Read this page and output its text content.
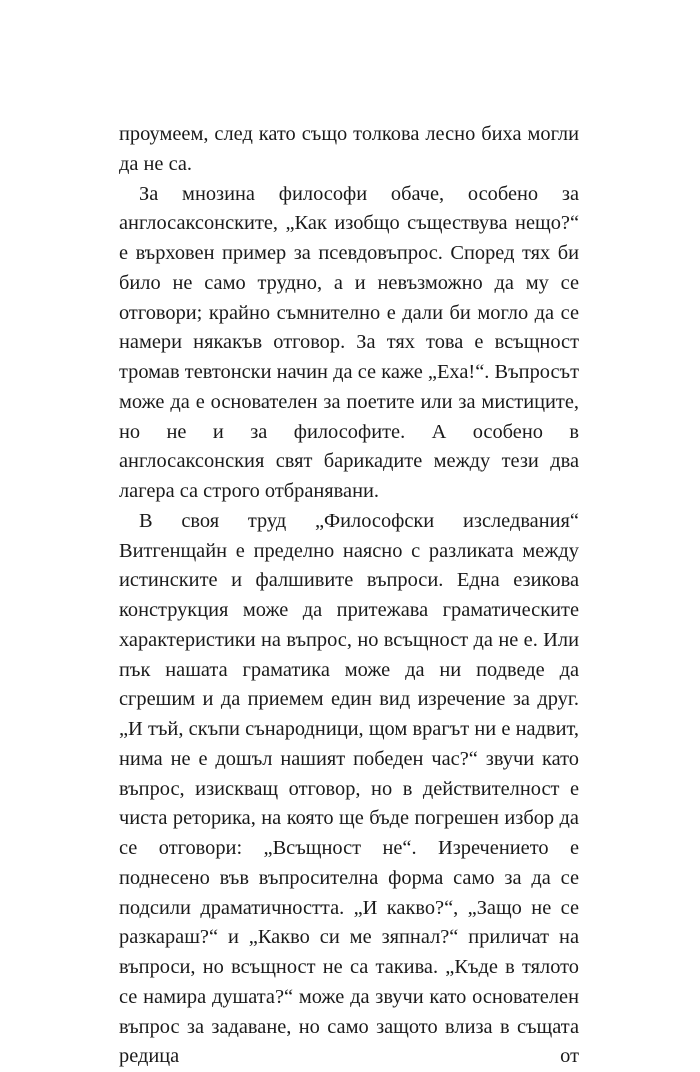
проумеем, след като също толкова лесно биха могли да не са.

За мнозина философи обаче, особено за англосаксонските, „Как изобщо съществува нещо?“ е върховен пример за псевдовъпрос. Според тях би било не само трудно, а и невъзможно да му се отговори; крайно съмнително е дали би могло да се намери някакъв отговор. За тях това е всъщност тромав тевтонски начин да се каже „Еха!“. Въпросът може да е основателен за поетите или за мистиците, но не и за философите. А особено в англосаксонския свят барикадите между тези два лагера са строго отбранявани.

В своя труд „Философски изследвания“ Витгенщайн е пределно наясно с разликата между истинските и фалшивите въпроси. Една езикова конструкция може да притежава граматическите характеристики на въпрос, но всъщност да не е. Или пък нашата граматика може да ни подведе да сгрешим и да приемем един вид изречение за друг. „И тъй, скъпи сънародници, щом врагът ни е надвит, нима не е дошъл нашият победен час?“ звучи като въпрос, изискващ отговор, но в действителност е чиста реторика, на която ще бъде погрешен избор да се отговори: „Всъщност не“. Изречението е поднесено във въпросителна форма само за да се подсили драматичността. „И какво?“, „Защо не се разкараш?“ и „Какво си ме зяпнал?“ приличат на въпроси, но всъщност не са такива. „Къде в тялото се намира душата?“ може да звучи като основателен въпрос за задаване, но само защото влиза в същата редица от
